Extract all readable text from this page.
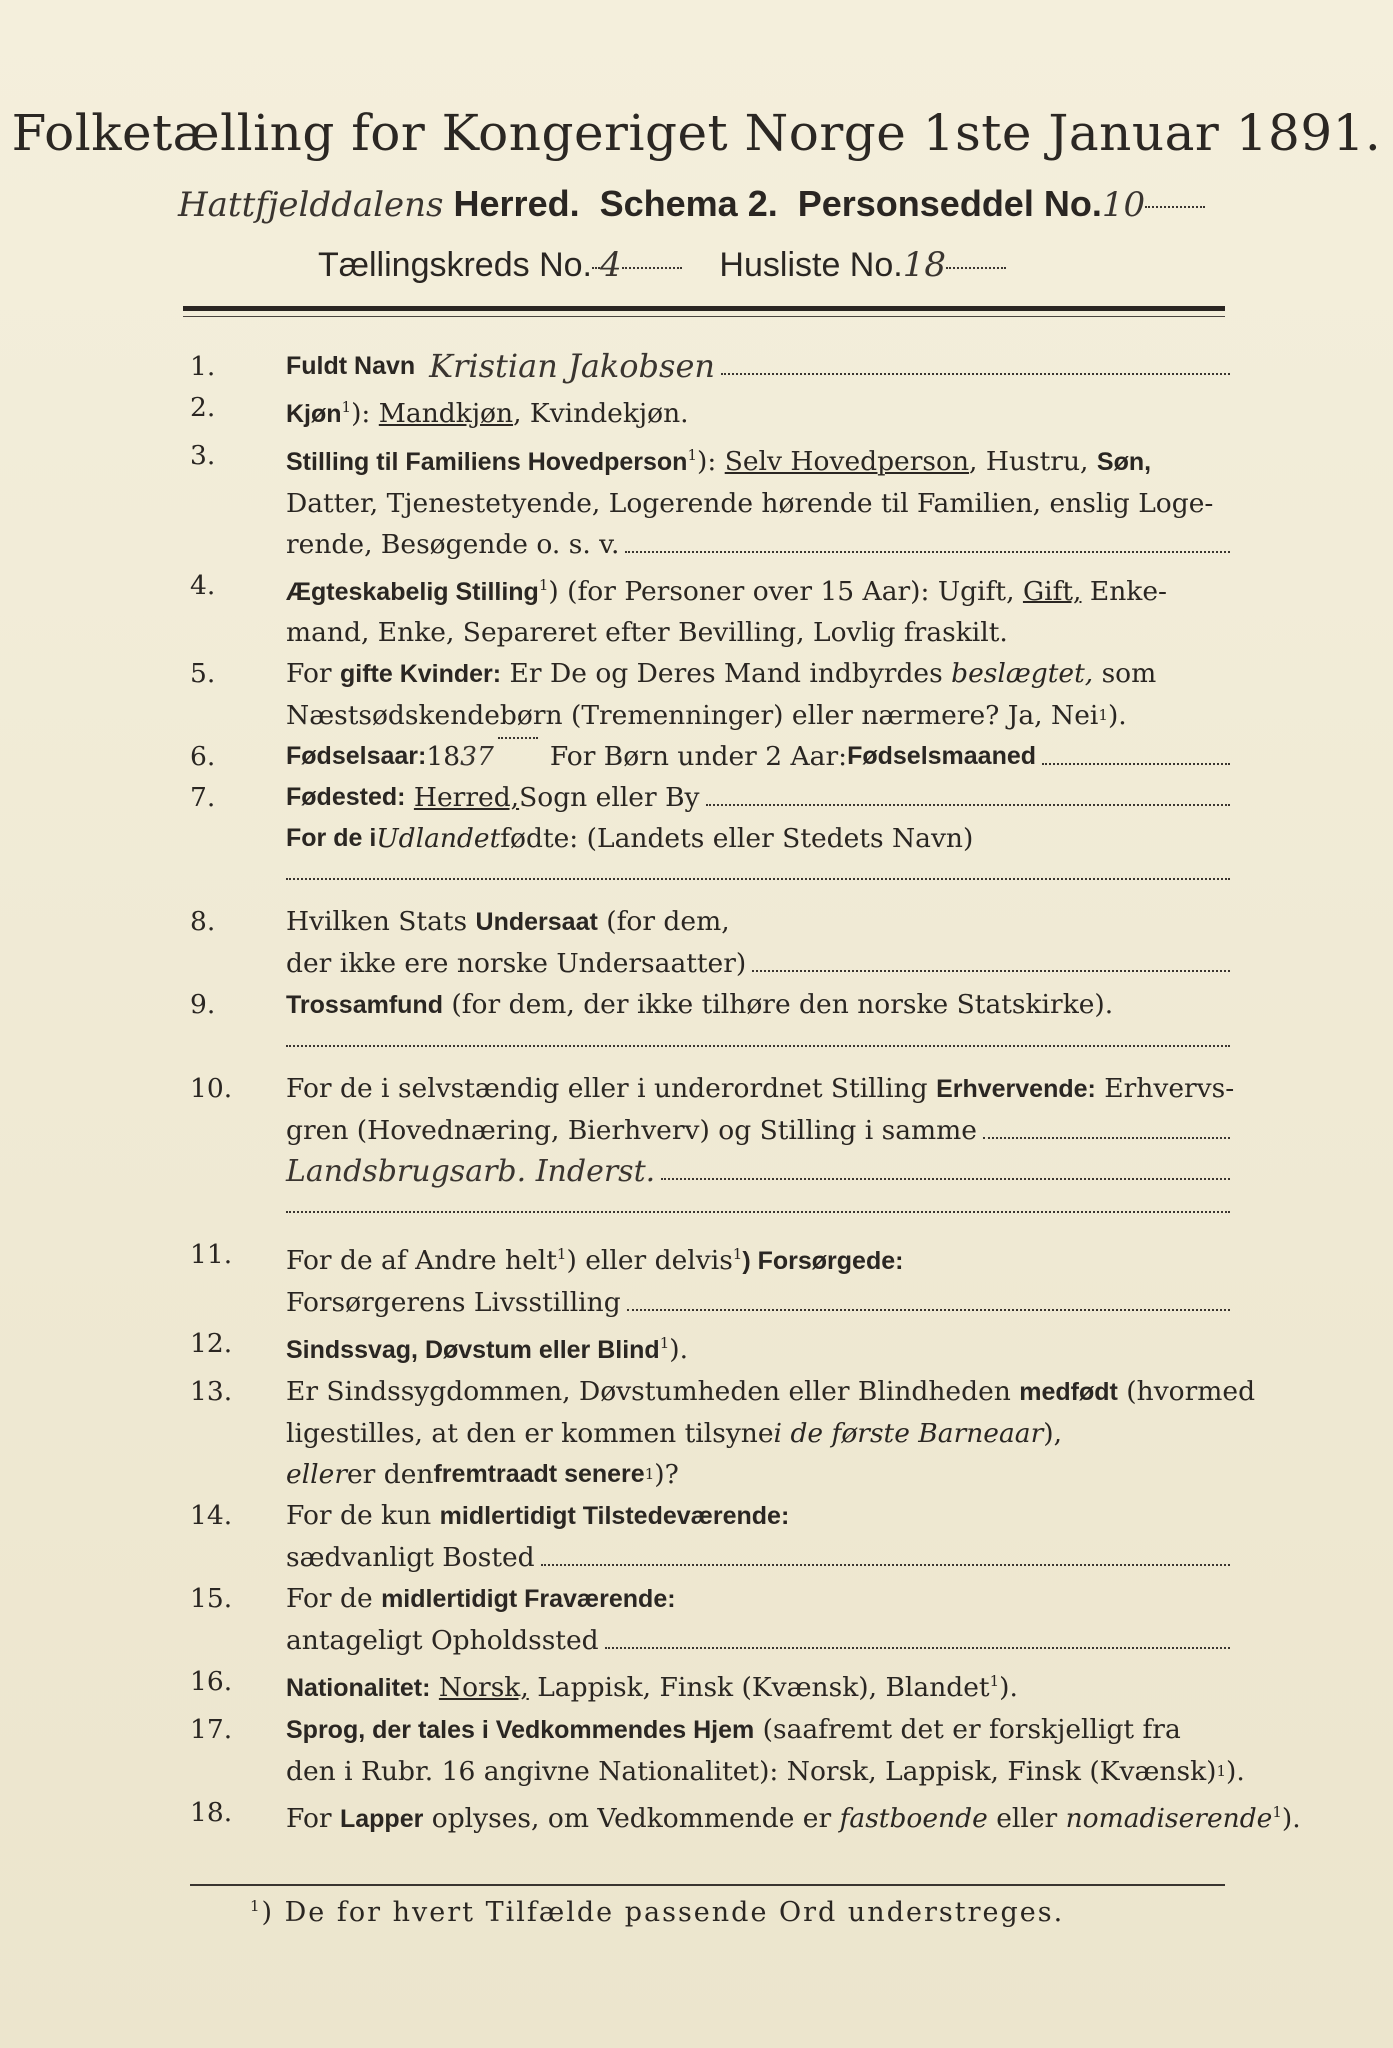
Folketælling for Kongeriget Norge 1ste Januar 1891.
Hattfjelddalens Herred. Schema 2. Personseddel No.10
Tællingskreds No. 4	Husliste No.18
1.	Fuldt Navn Kristian Jakobsen
2.	Kjøn$^1$): Mandkjøn, Kvindekjøn.
3.	Stilling til Familiens Hovedperson$^1$): Selv Hovedperson, Hustru, Søn,
Datter, Tjenestetyende, Logerende hørende til Familien, enslig Loge-
rende, Besøgende o. s. v.
4.	Ægteskabelig Stilling$^1$) (for Personer over 15 Aar): Ugift, Gift, Enke-
mand, Enke, Separeret efter Bevilling, Lovlig fraskilt.
5.	For gifte Kvinder: Er De og Deres Mand indbyrdes beslægtet, som
Næstsødskendebørn (Tremenninger) eller nærmere? Ja, Nei 1 ).
6.	Fødselsaar: 18 37 For Børn under 2 Aar: Fødselsmaaned
7.	Fødested:
Herred, Sogn eller By
For de i Udlandet fødte: (Landets eller Stedets Navn)
8.	Hvilken Stats Undersaat (for dem,
der ikke ere norske Undersaatter)
9.	Trossamfund (for dem, der ikke tilhøre den norske Statskirke).
10.	For de i selvstændig eller i underordnet Stilling Erhvervende: Erhvervs-
gren (Hovednæring, Bierhverv) og Stilling i samme
Landsbrugsarb. Inderst.
11.	For de af Andre helt$^1$) eller delvis$^1$) Forsørgede:
Forsørgerens Livsstilling
12.	Sindssvag, Døvstum eller Blind$^1$).
13.	Er Sindssygdommen, Døvstumheden eller Blindheden medfødt (hvormed
ligestilles, at den er kommen tilsyne i de første Barneaar ),
eller er den fremtraadt senere 1 )?
14.	For de kun midlertidigt Tilstedeværende:
sædvanligt Bosted
15.	For de midlertidigt Fraværende:
antageligt Opholdssted
16.	Nationalitet: Norsk, Lappisk, Finsk (Kvænsk), Blandet$^1$).
17.	Sprog, der tales i Vedkommendes Hjem (saafremt det er forskjelligt fra
den i Rubr. 16 angivne Nationalitet): Norsk, Lappisk, Finsk (Kvænsk) 1 ).
18.	For Lapper oplyses, om Vedkommende er fastboende eller nomadiserende$^1$).
$^1$) De for hvert Tilfælde passende Ord understreges.
